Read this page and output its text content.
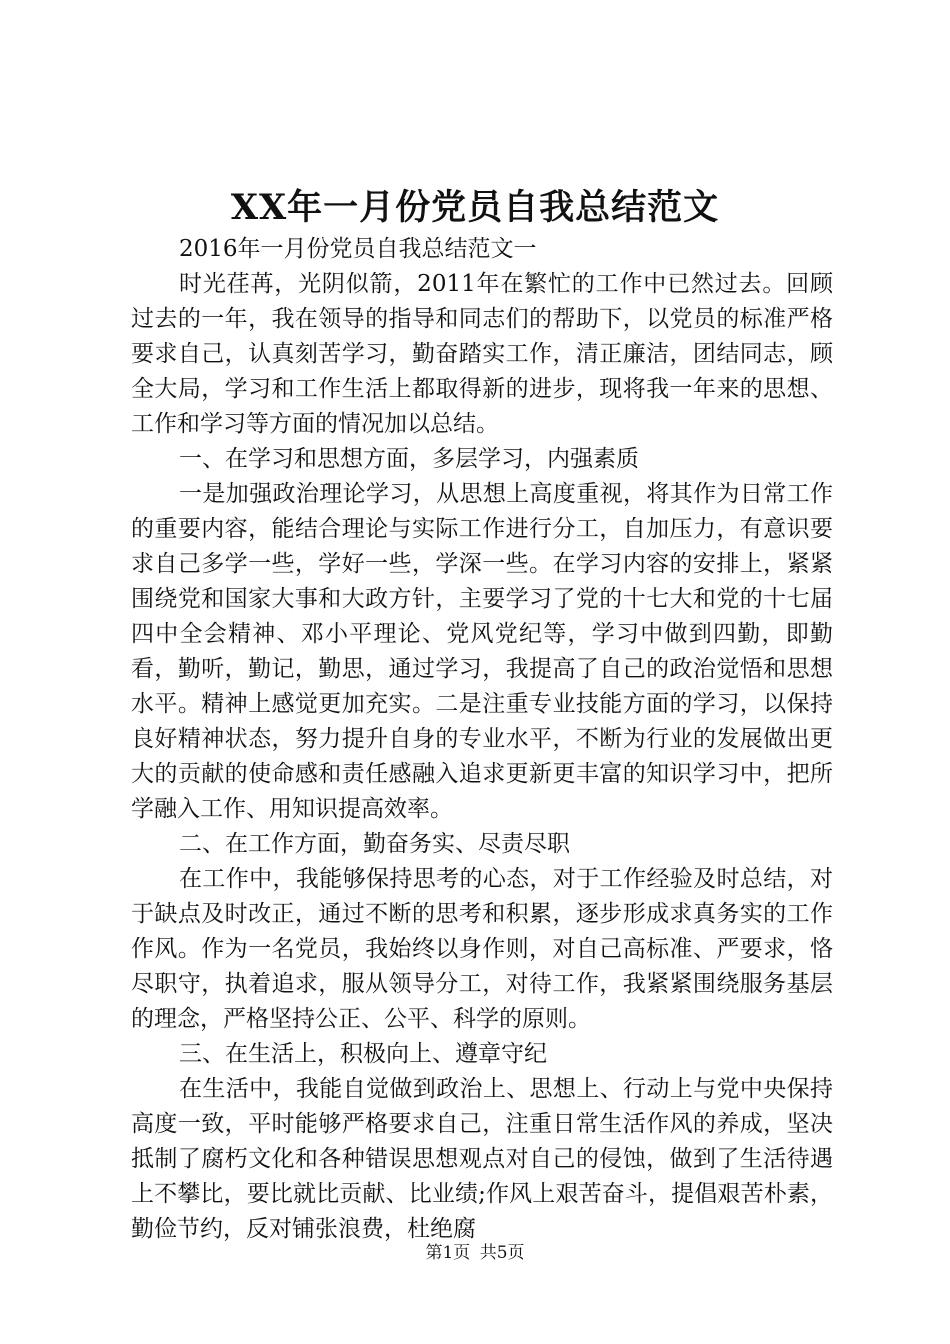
XX年一月份党员自我总结范文

2016年一月份党员自我总结范文一

时光荏苒，光阴似箭，2011年在繁忙的工作中已然过去。回顾过去的一年，我在领导的指导和同志们的帮助下，以党员的标准严格要求自己，认真刻苦学习，勤奋踏实工作，清正廉洁，团结同志，顾全大局，学习和工作生活上都取得新的进步，现将我一年来的思想、工作和学习等方面的情况加以总结。

一、在学习和思想方面，多层学习，内强素质

一是加强政治理论学习，从思想上高度重视，将其作为日常工作的重要内容，能结合理论与实际工作进行分工，自加压力，有意识要求自己多学一些，学好一些，学深一些。在学习内容的安排上，紧紧围绕党和国家大事和大政方针，主要学习了党的十七大和党的十七届四中全会精神、邓小平理论、党风党纪等，学习中做到四勤，即勤看，勤听，勤记，勤思，通过学习，我提高了自己的政治觉悟和思想水平。精神上感觉更加充实。二是注重专业技能方面的学习，以保持良好精神状态，努力提升自身的专业水平，不断为行业的发展做出更大的贡献的使命感和责任感融入追求更新更丰富的知识学习中，把所学融入工作、用知识提高效率。

二、在工作方面，勤奋务实、尽责尽职

在工作中，我能够保持思考的心态，对于工作经验及时总结，对于缺点及时改正，通过不断的思考和积累，逐步形成求真务实的工作作风。作为一名党员，我始终以身作则，对自己高标准、严要求，恪尽职守，执着追求，服从领导分工，对待工作，我紧紧围绕服务基层的理念，严格坚持公正、公平、科学的原则。

三、在生活上，积极向上、遵章守纪

在生活中，我能自觉做到政治上、思想上、行动上与党中央保持高度一致，平时能够严格要求自己，注重日常生活作风的养成，坚决抵制了腐朽文化和各种错误思想观点对自己的侵蚀，做到了生活待遇上不攀比，要比就比贡献、比业绩;作风上艰苦奋斗，提倡艰苦朴素，勤俭节约，反对铺张浪费，杜绝腐

第1页 共5页
